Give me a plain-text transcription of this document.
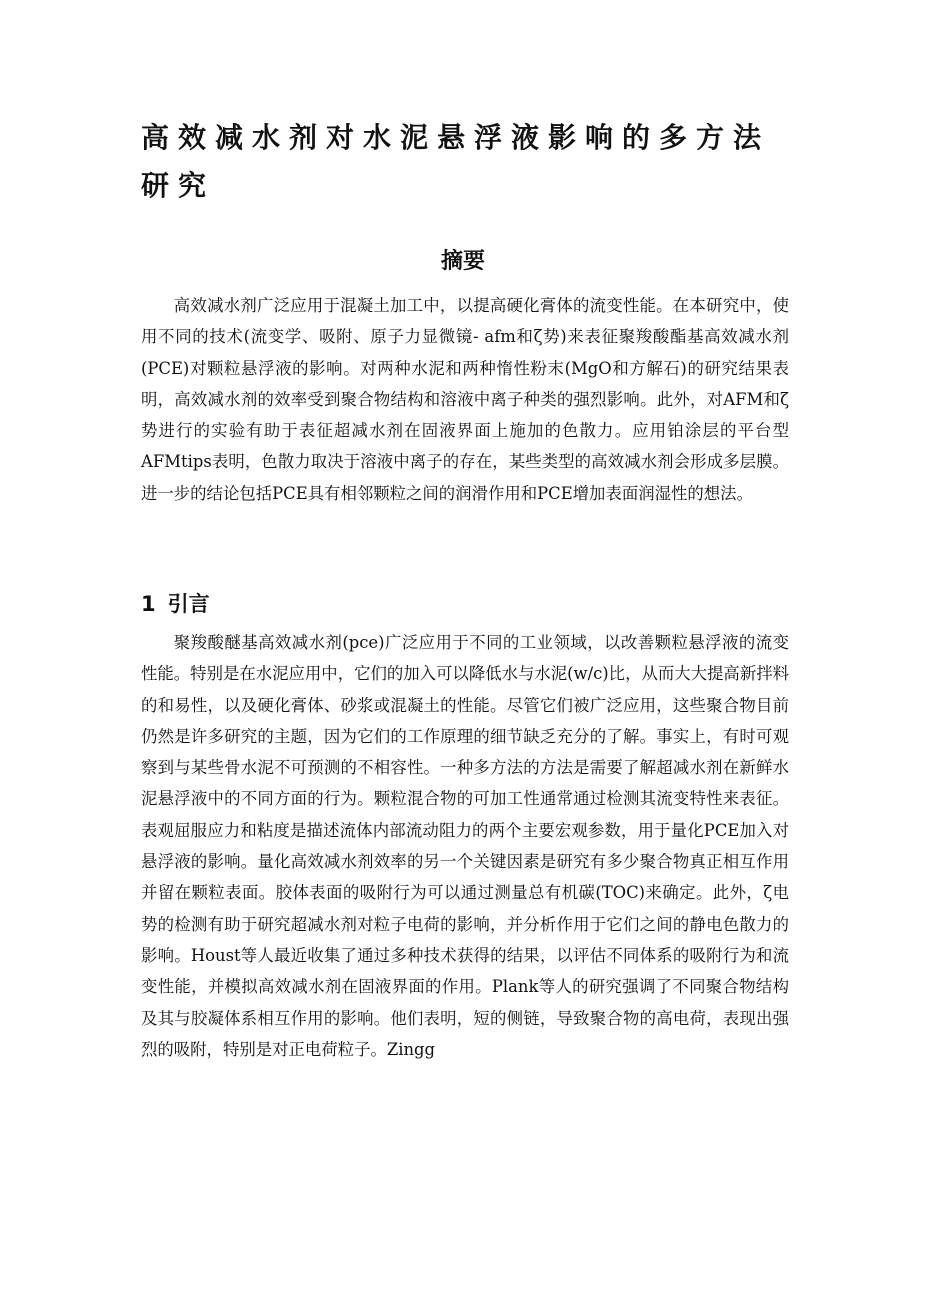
高效减水剂对水泥悬浮液影响的多方法研究
摘要

高效减水剂广泛应用于混凝土加工中，以提高硬化膏体的流变性能。在本研究中，使用不同的技术(流变学、吸附、原子力显微镜- afm和ζ势)来表征聚羧酸酯基高效减水剂(PCE)对颗粒悬浮液的影响。对两种水泥和两种惰性粉末(MgO和方解石)的研究结果表明，高效减水剂的效率受到聚合物结构和溶液中离子种类的强烈影响。此外，对AFM和ζ势进行的实验有助于表征超减水剂在固液界面上施加的色散力。应用铂涂层的平台型AFMtips表明，色散力取决于溶液中离子的存在，某些类型的高效减水剂会形成多层膜。进一步的结论包括PCE具有相邻颗粒之间的润滑作用和PCE增加表面润湿性的想法。

1 引言

聚羧酸醚基高效减水剂(pce)广泛应用于不同的工业领域，以改善颗粒悬浮液的流变性能。特别是在水泥应用中，它们的加入可以降低水与水泥(w/c)比，从而大大提高新拌料的和易性，以及硬化膏体、砂浆或混凝土的性能。尽管它们被广泛应用，这些聚合物目前仍然是许多研究的主题，因为它们的工作原理的细节缺乏充分的了解。事实上，有时可观察到与某些骨水泥不可预测的不相容性。一种多方法的方法是需要了解超减水剂在新鲜水泥悬浮液中的不同方面的行为。颗粒混合物的可加工性通常通过检测其流变特性来表征。表观屈服应力和粘度是描述流体内部流动阻力的两个主要宏观参数，用于量化PCE加入对悬浮液的影响。量化高效减水剂效率的另一个关键因素是研究有多少聚合物真正相互作用并留在颗粒表面。胶体表面的吸附行为可以通过测量总有机碳(TOC)来确定。此外，ζ电势的检测有助于研究超减水剂对粒子电荷的影响，并分析作用于它们之间的静电色散力的影响。Houst等人最近收集了通过多种技术获得的结果，以评估不同体系的吸附行为和流变性能，并模拟高效减水剂在固液界面的作用。Plank等人的研究强调了不同聚合物结构及其与胶凝体系相互作用的影响。他们表明，短的侧链，导致聚合物的高电荷，表现出强烈的吸附，特别是对正电荷粒子。Zingg
